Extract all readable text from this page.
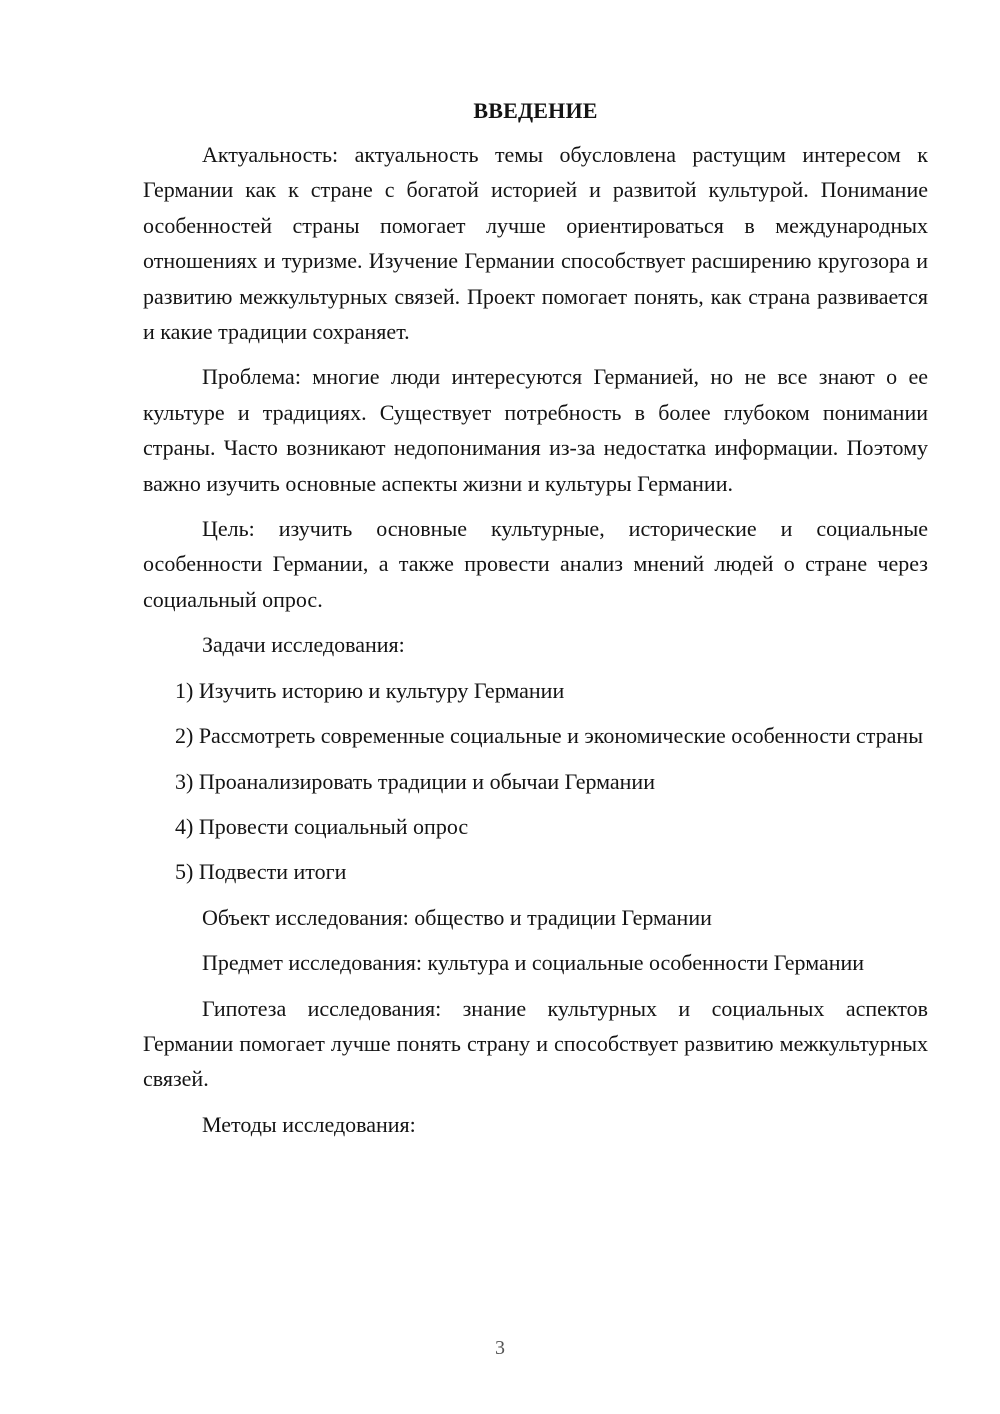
ВВЕДЕНИЕ

Актуальность: актуальность темы обусловлена растущим интересом к Германии как к стране с богатой историей и развитой культурой. Понимание особенностей страны помогает лучше ориентироваться в международных отношениях и туризме. Изучение Германии способствует расширению кругозора и развитию межкультурных связей. Проект помогает понять, как страна развивается и какие традиции сохраняет.

Проблема: многие люди интересуются Германией, но не все знают о ее культуре и традициях. Существует потребность в более глубоком понимании страны. Часто возникают недопонимания из-за недостатка информации. Поэтому важно изучить основные аспекты жизни и культуры Германии.

Цель: изучить основные культурные, исторические и социальные особенности Германии, а также провести анализ мнений людей о стране через социальный опрос.

Задачи исследования:

1) Изучить историю и культуру Германии

2) Рассмотреть современные социальные и экономические особенности страны

3) Проанализировать традиции и обычаи Германии

4) Провести социальный опрос

5) Подвести итоги

Объект исследования: общество и традиции Германии

Предмет исследования: культура и социальные особенности Германии

Гипотеза исследования: знание культурных и социальных аспектов Германии помогает лучше понять страну и способствует развитию межкультурных связей.

Методы исследования:

3
